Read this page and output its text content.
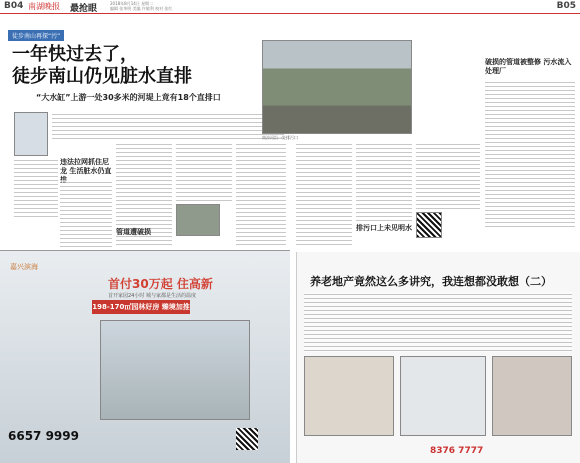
B04 南湖晚报 最抢眼
2018年8月14日 星期二
编辑 张华明 美编 许敏利 校对 张红	B05
徒步南山再探“污”
一年快过去了，
徒步南山仍见脏水直排
“大水缸”上游一处30多米的河堤上竟有18个直排口
违法拉网抓住尼龙 生活脏水仍直
管道遭破损
南沙河沿一处排污口
破损的管道被整修 污水流入处理厂
排污口上未见明水
嘉兴滨海
首付30万起 住高新
首开家园24小时 城与家都是生活的温度
198-170㎡园林好房 臻境加推
6657 9999
养老地产竟然这么多讲究，我连想都没敢想（二）
8376 7777
